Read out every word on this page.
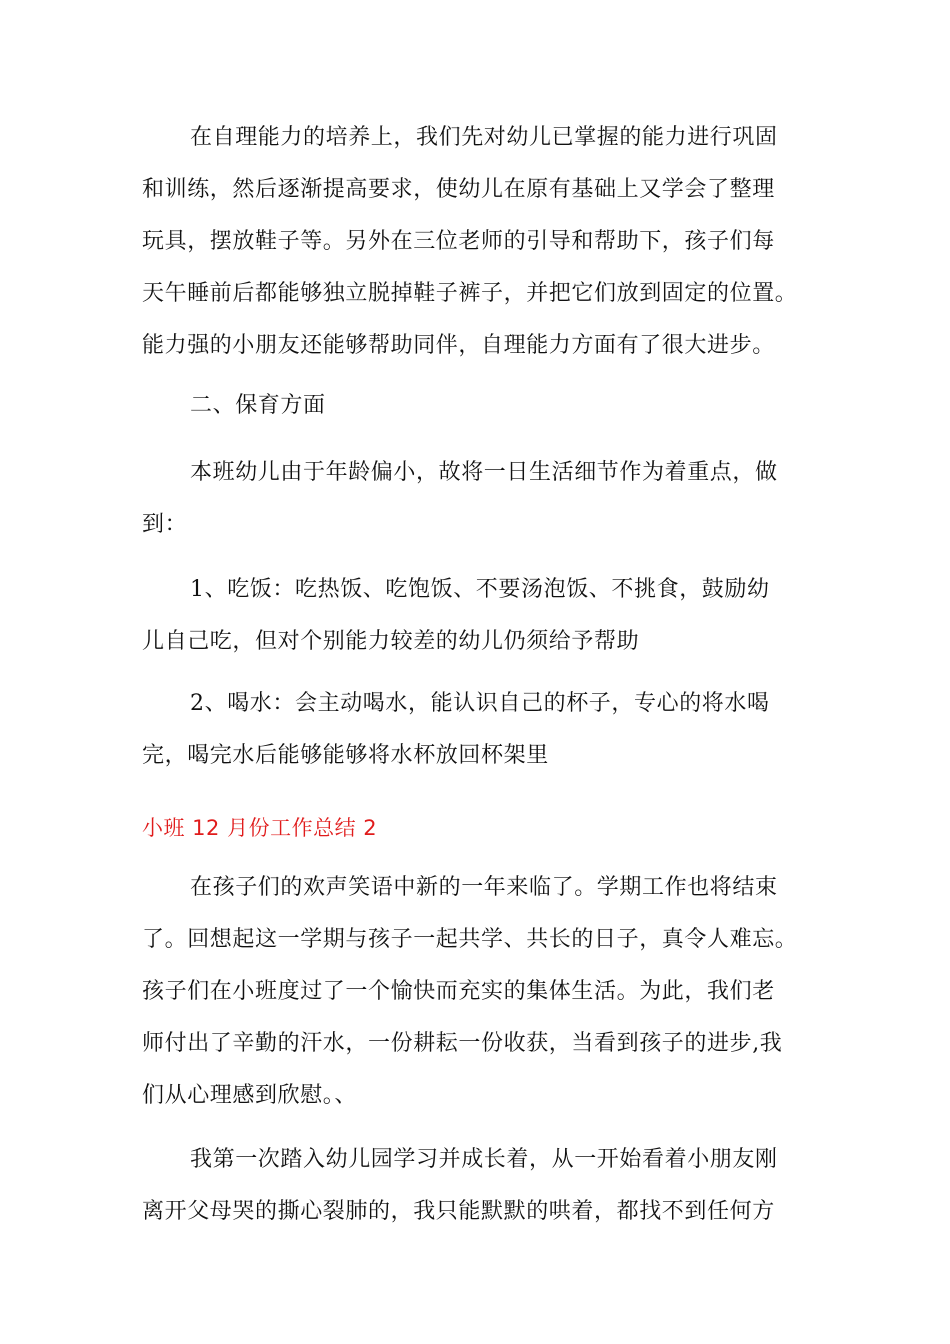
在自理能力的培养上，我们先对幼儿已掌握的能力进行巩固
和训练，然后逐渐提高要求，使幼儿在原有基础上又学会了整理
玩具，摆放鞋子等。另外在三位老师的引导和帮助下，孩子们每
天午睡前后都能够独立脱掉鞋子裤子，并把它们放到固定的位置。
能力强的小朋友还能够帮助同伴，自理能力方面有了很大进步。
二、保育方面
本班幼儿由于年龄偏小，故将一日生活细节作为着重点，做
到：
1、吃饭：吃热饭、吃饱饭、不要汤泡饭、不挑食，鼓励幼
儿自己吃，但对个别能力较差的幼儿仍须给予帮助
2、喝水：会主动喝水，能认识自己的杯子，专心的将水喝
完，喝完水后能够能够将水杯放回杯架里
小班 12 月份工作总结 2
在孩子们的欢声笑语中新的一年来临了。学期工作也将结束
了。回想起这一学期与孩子一起共学、共长的日子，真令人难忘。
孩子们在小班度过了一个愉快而充实的集体生活。为此，我们老
师付出了辛勤的汗水，一份耕耘一份收获，当看到孩子的进步,我
们从心理感到欣慰。、
我第一次踏入幼儿园学习并成长着，从一开始看着小朋友刚
离开父母哭的撕心裂肺的，我只能默默的哄着，都找不到任何方
